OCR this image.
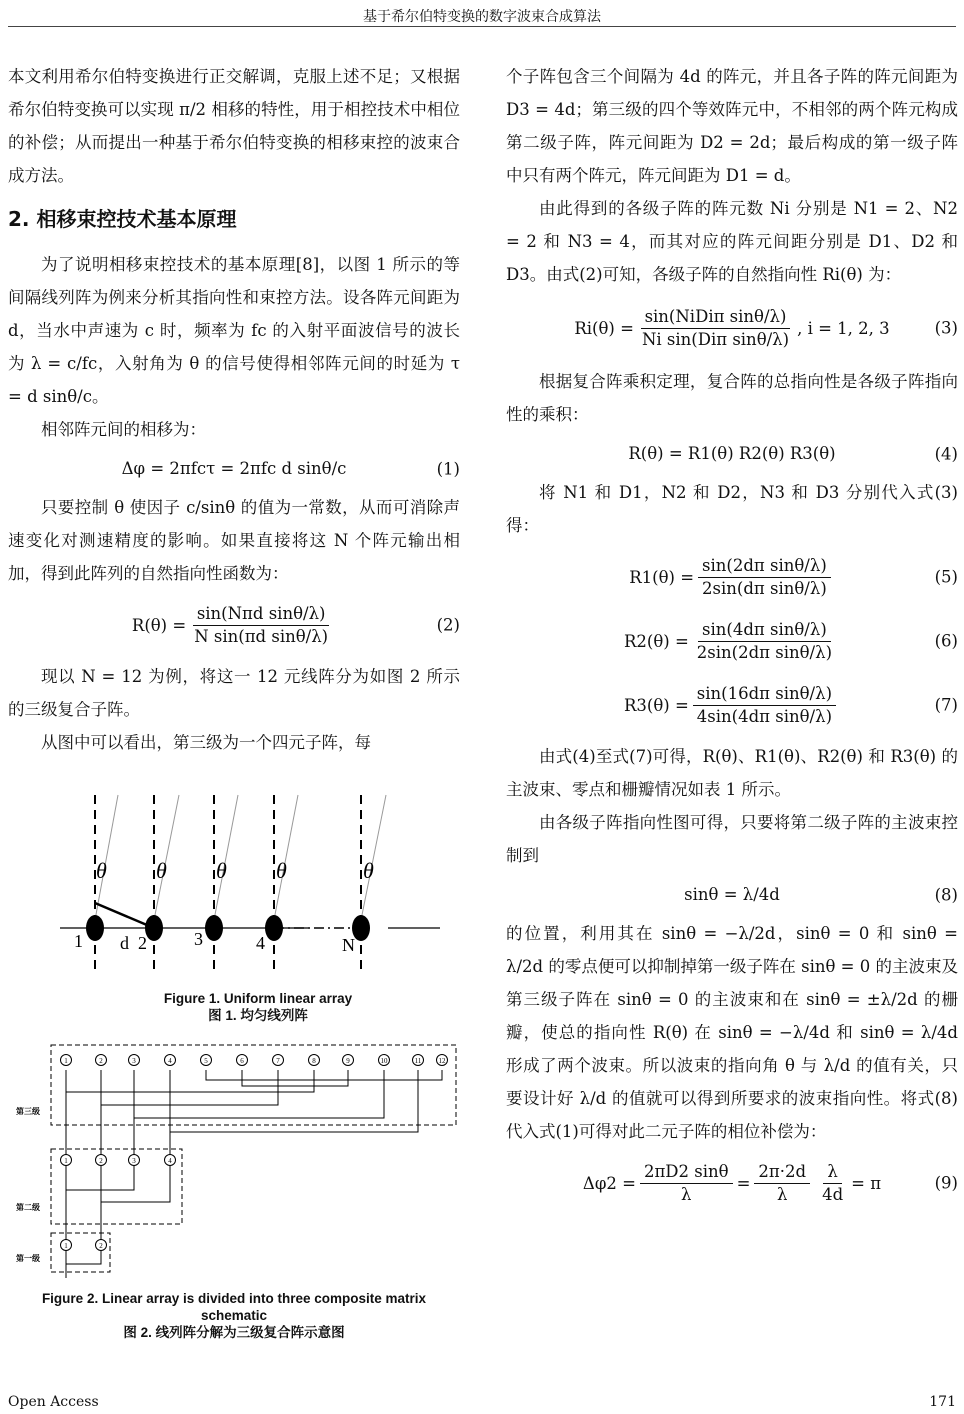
基于希尔伯特变换的数字波束合成算法

本文利用希尔伯特变换进行正交解调，克服上述不足；又根据希尔伯特变换可以实现 π/2 相移的特性，用于相控技术中相位的补偿；从而提出一种基于希尔伯特变换的相移束控的波束合成方法。

2. 相移束控技术基本原理

为了说明相移束控技术的基本原理[8]，以图 1 所示的等间隔线列阵为例来分析其指向性和束控方法。设各阵元间距为 d，当水中声速为 c 时，频率为 fc 的入射平面波信号的波长为 λ = c/fc，入射角为 θ 的信号使得相邻阵元间的时延为 τ = d sinθ/c。

相邻阵元间的相移为：

Δφ = 2πfcτ = 2πfc d sinθ/c	(1)

只要控制 θ 使因子 c/sinθ 的值为一常数，从而可消除声速变化对测速精度的影响。如果直接将这 N 个阵元输出相加，得到此阵列的自然指向性函数为：

$R(\theta) = \frac{\text{sin(Nπd sinθ/λ)}}{\text{N sin(πd sinθ/λ)}}$	(2)

现以 N = 12 为例，将这一 12 元线阵分为如图 2 所示的三级复合子阵。

从图中可以看出，第三级为一个四元子阵，每

θ θ θ θ	θ
1 d 2	3	4	N
Figure 1. Uniform linear array
图 1. 均匀线列阵
第三级
第二级
第一级
1	2	3	4	5	6	7	8	9	10	11 12
1	2	3	4
1	2
Figure 2. Linear array is divided into three composite matrix schematic
图 2. 线列阵分解为三级复合阵示意图

个子阵包含三个间隔为 4d 的阵元，并且各子阵的阵元间距为 D3 = 4d；第三级的四个等效阵元中，不相邻的两个阵元构成第二级子阵，阵元间距为 D2 = 2d；最后构成的第一级子阵中只有两个阵元，阵元间距为 D1 = d。

由此得到的各级子阵的阵元数 Ni 分别是 N1 = 2、N2 = 2 和 N3 = 4，而其对应的阵元间距分别是 D1、D2 和 D3。由式(2)可知，各级子阵的自然指向性 Ri(θ) 为：

$Ri(\theta) = \frac{\text{sin(NiDiπ sinθ/λ)}}{\text{Ni sin(Diπ sinθ/λ)}}$ , i = 1, 2, 3	(3)

根据复合阵乘积定理，复合阵的总指向性是各级子阵指向性的乘积：

R(θ) = R1(θ) R2(θ) R3(θ)	(4)

将 N1 和 D1，N2 和 D2，N3 和 D3 分别代入式(3)得：

$R1(\theta) = \frac{\text{sin(2dπ sinθ/λ)}}{\text{2sin(dπ sinθ/λ)}}$	(5)
$R2(\theta) = \frac{\text{sin(4dπ sinθ/λ)}}{\text{2sin(2dπ sinθ/λ)}}$	(6)
$R3(\theta) = \frac{\text{sin(16dπ sinθ/λ)}}{\text{4sin(4dπ sinθ/λ)}}$	(7)

由式(4)至式(7)可得，R(θ)、R1(θ)、R2(θ) 和 R3(θ) 的主波束、零点和栅瓣情况如表 1 所示。

由各级子阵指向性图可得，只要将第二级子阵的主波束控制到

sinθ = λ/4d	(8)

的位置，利用其在 sinθ = −λ/2d，sinθ = 0 和 sinθ = λ/2d 的零点便可以抑制掉第一级子阵在 sinθ = 0 的主波束及第三级子阵在 sinθ = 0 的主波束和在 sinθ = ±λ/2d 的栅瓣，使总的指向性 R(θ) 在 sinθ = −λ/4d 和 sinθ = λ/4d 形成了两个波束。所以波束的指向角 θ 与 λ/d 的值有关，只要设计好 λ/d 的值就可以得到所要求的波束指向性。将式(8)代入式(1)可得对此二元子阵的相位补偿为：

$\Delta\varphi 2 = \frac{2\pi D2 \sin\theta}{\lambda} = \frac{2\pi\cdot 2d}{\lambda} \frac{\lambda}{4d} = \pi$	(9)
Open Access	171
